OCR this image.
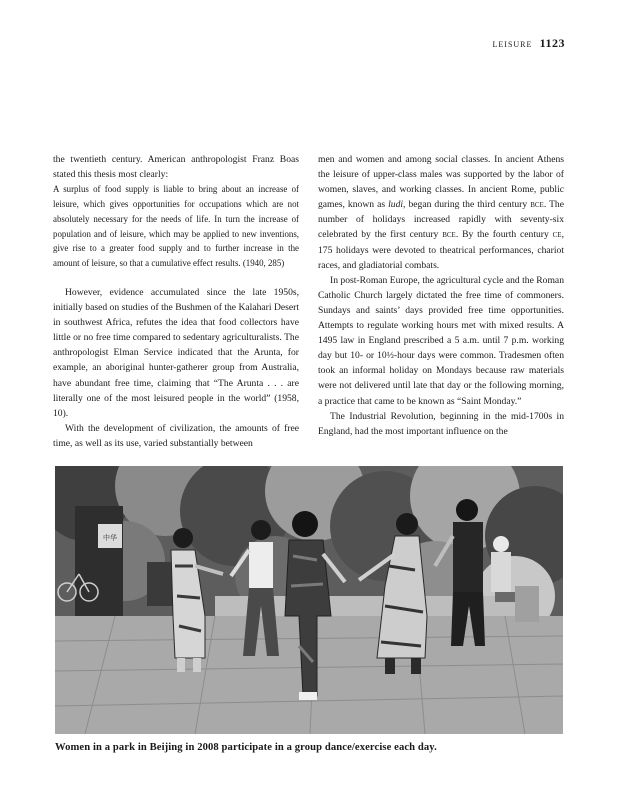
leisure 1123

the twentieth century. American anthropologist Franz Boas stated this thesis most clearly:

A surplus of food supply is liable to bring about an increase of leisure, which gives opportunities for occupations which are not absolutely necessary for the needs of life. In turn the increase of population and of leisure, which may be applied to new inventions, give rise to a greater food supply and to further increase in the amount of leisure, so that a cumulative effect results. (1940, 285)

However, evidence accumulated since the late 1950s, initially based on studies of the Bushmen of the Kalahari Desert in southwest Africa, refutes the idea that food collectors have little or no free time compared to sedentary agriculturalists. The anthropologist Elman Service indicated that the Arunta, for example, an aboriginal hunter-gatherer group from Australia, have abundant free time, claiming that “The Arunta . . . are literally one of the most leisured people in the world” (1958, 10).

With the development of civilization, the amounts of free time, as well as its use, varied substantially between

men and women and among social classes. In ancient Athens the leisure of upper-class males was supported by the labor of women, slaves, and working classes. In ancient Rome, public games, known as ludi, began during the third century bce. The number of holidays increased rapidly with seventy-six celebrated by the first century bce. By the fourth century ce, 175 holidays were devoted to theatrical performances, chariot races, and gladiatorial combats.

In post-Roman Europe, the agricultural cycle and the Roman Catholic Church largely dictated the free time of commoners. Sundays and saints’ days provided free time opportunities. Attempts to regulate working hours met with mixed results. A 1495 law in England prescribed a 5 a.m. until 7 p.m. working day but 10- or 10½-hour days were common. Tradesmen often took an informal holiday on Mondays because raw materials were not delivered until late that day or the following morning, a practice that came to be known as “Saint Monday.”

The Industrial Revolution, beginning in the mid-1700s in England, had the most important influence on the

中华
Women in a park in Beijing in 2008 participate in a group dance/exercise each day.
